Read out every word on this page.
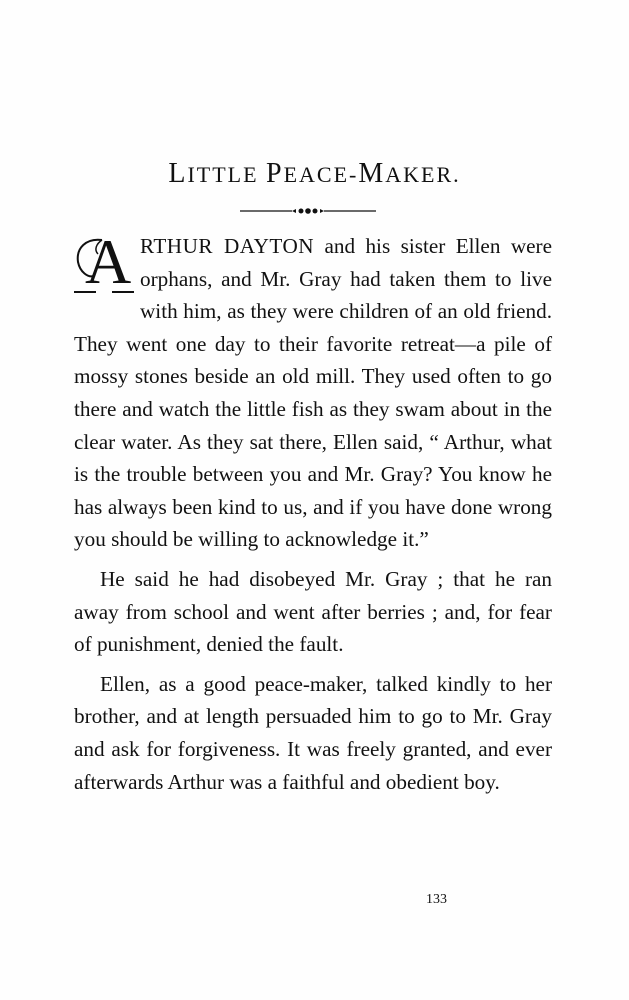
LITTLE PEACE-MAKER.

A RTHUR DAYTON and his sister Ellen were orphans, and Mr. Gray had taken them to live with him, as they were children of an old friend. They went one day to their favorite retreat—a pile of mossy stones beside an old mill. They used often to go there and watch the little fish as they swam about in the clear water. As they sat there, Ellen said, “ Arthur, what is the trouble between you and Mr. Gray? You know he has always been kind to us, and if you have done wrong you should be willing to acknowledge it.”

He said he had disobeyed Mr. Gray ; that he ran away from school and went after berries ; and, for fear of punishment, denied the fault.

Ellen, as a good peace-maker, talked kindly to her brother, and at length persuaded him to go to Mr. Gray and ask for forgiveness. It was freely granted, and ever afterwards Arthur was a faithful and obedient boy.

133
